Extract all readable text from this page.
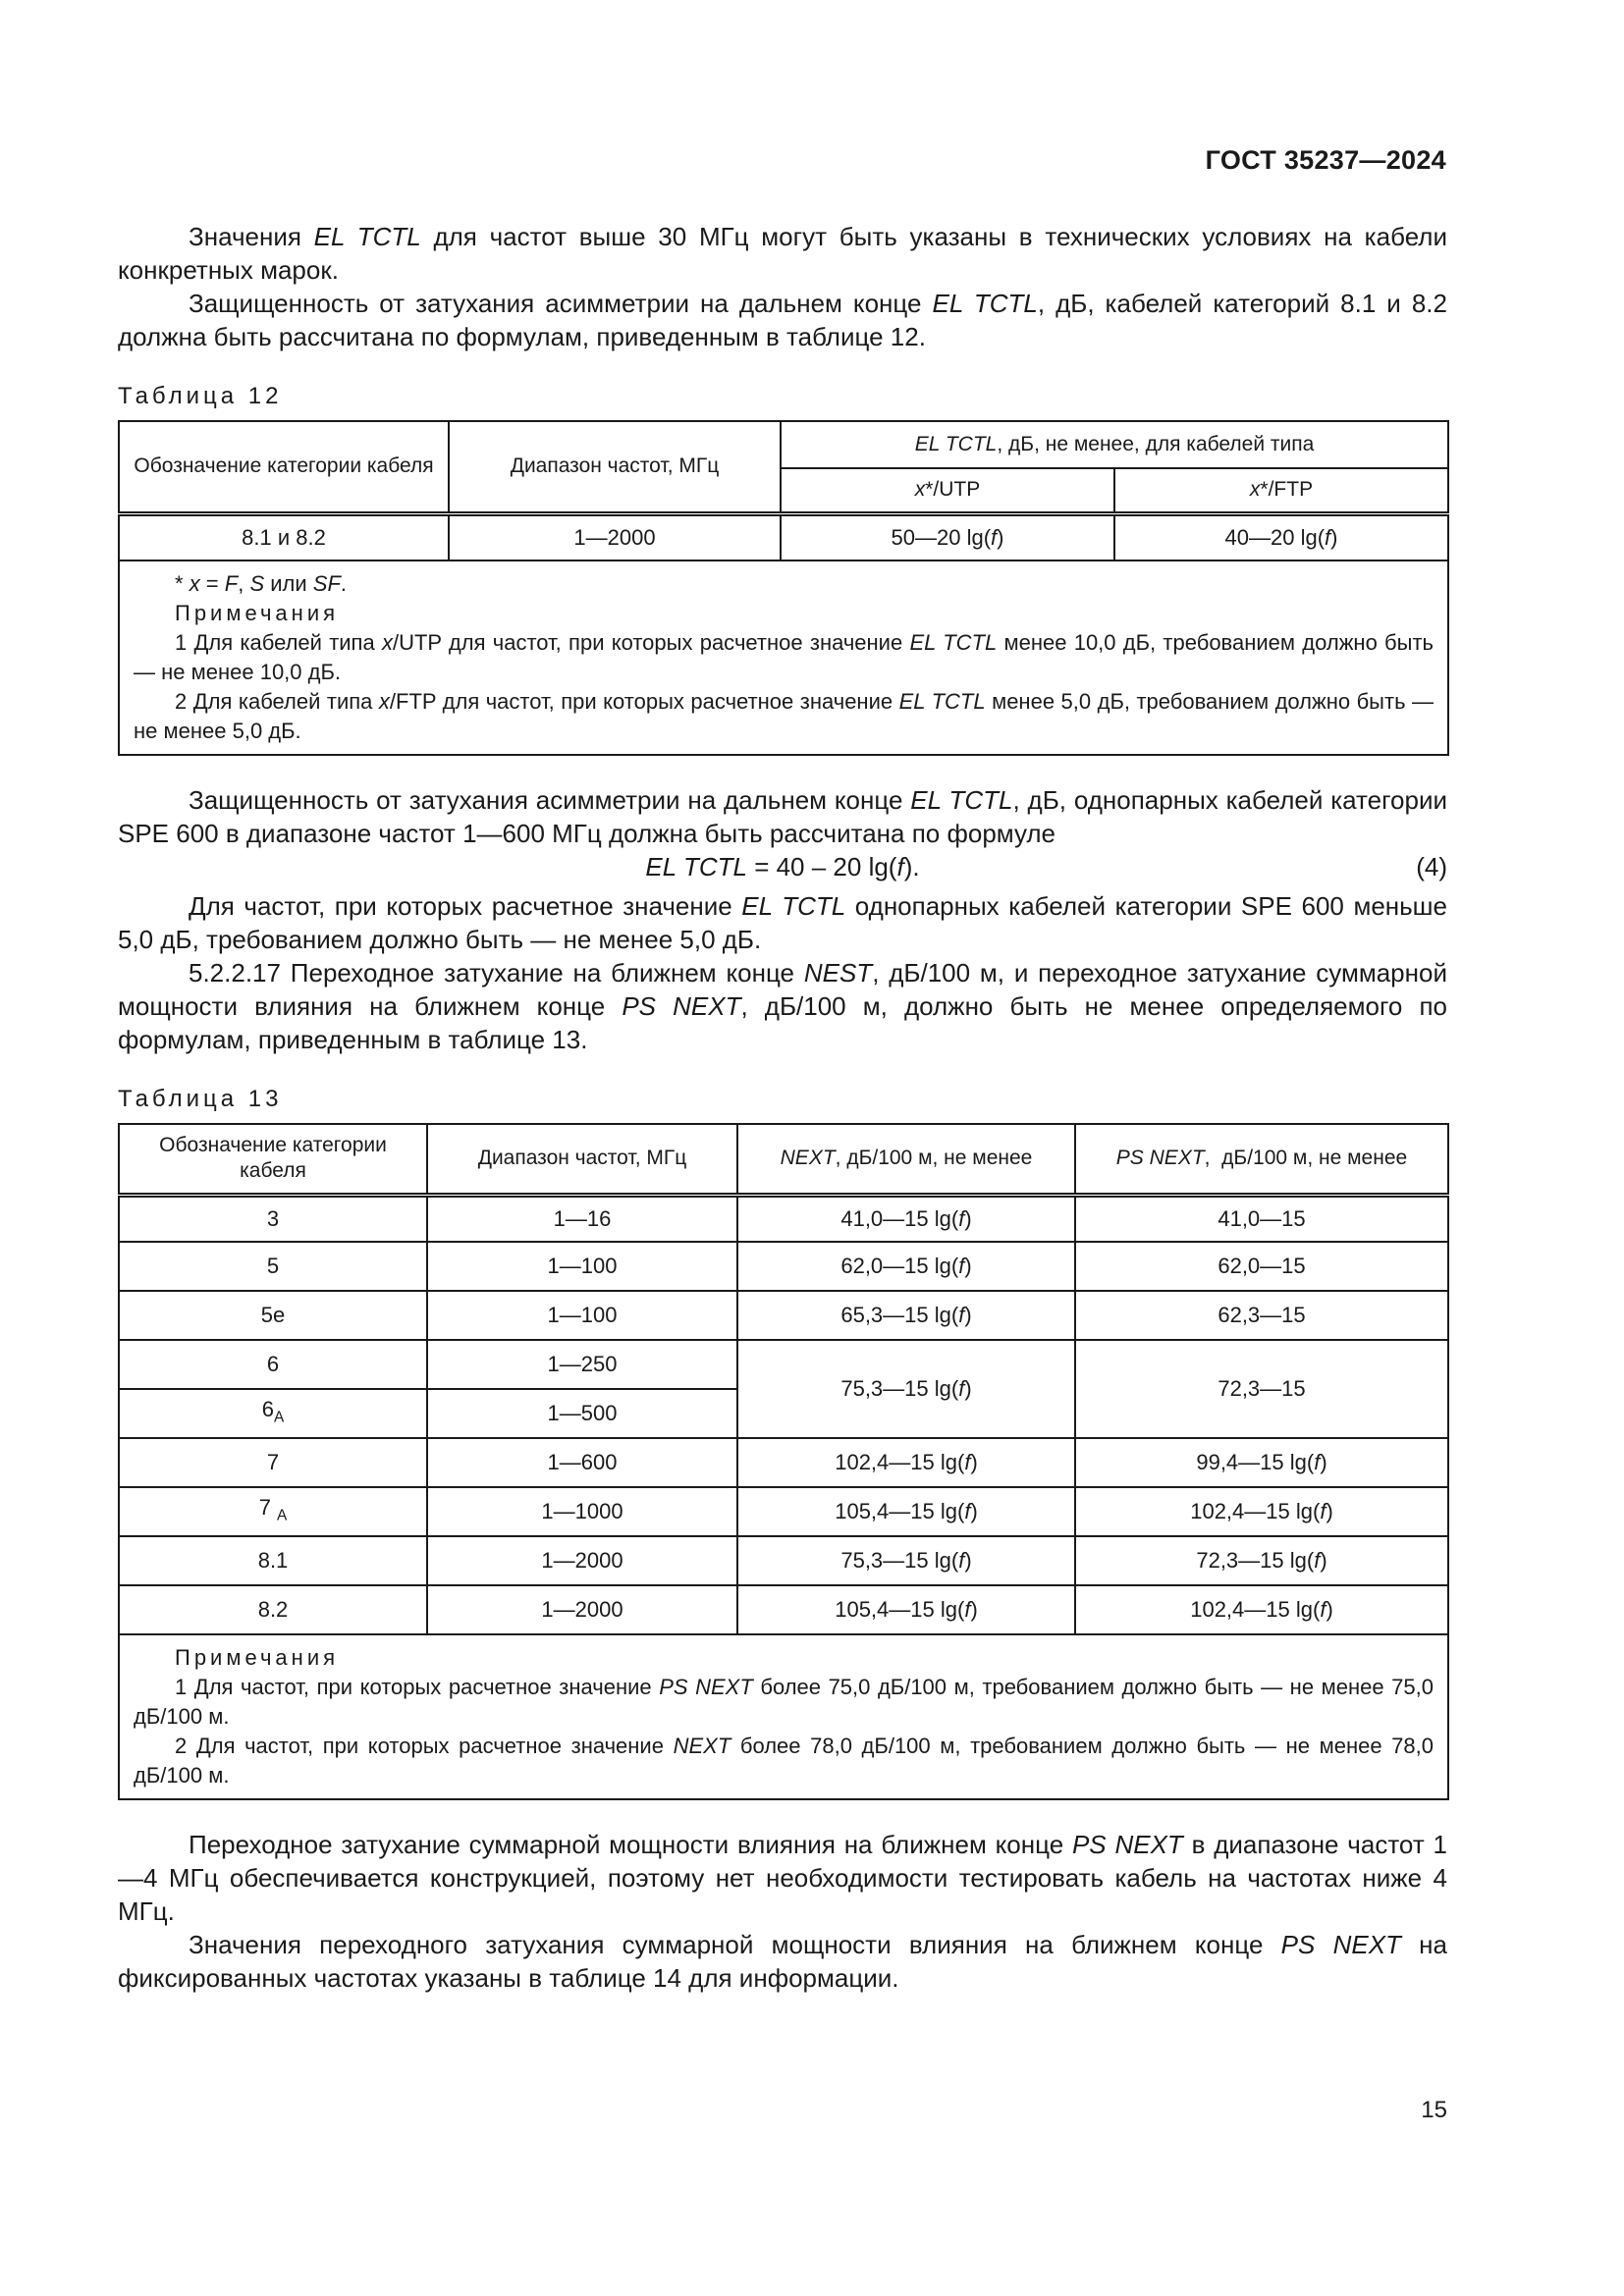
ГОСТ 35237—2024

Значения EL TCTL для частот выше 30 МГц могут быть указаны в технических условиях на кабели конкретных марок.

Защищенность от затухания асимметрии на дальнем конце EL TCTL, дБ, кабелей категорий 8.1 и 8.2 должна быть рассчитана по формулам, приведенным в таблице 12.

Таблица 12

Обозначение категории кабеля	Диапазон частот, МГц	EL TCTL, дБ, не менее, для кабелей типа	
		x*/UTP	x*/FTP
8.1 и 8.2	1—2000	50—20 lg(f)	40—20 lg(f)

* x = F, S или SF.
Примечания
1 Для кабелей типа x/UTP для частот, при которых расчетное значение EL TCTL менее 10,0 дБ, требованием должно быть — не менее 10,0 дБ.
2 Для кабелей типа x/FTP для частот, при которых расчетное значение EL TCTL менее 5,0 дБ, требованием должно быть — не менее 5,0 дБ.			

Защищенность от затухания асимметрии на дальнем конце EL TCTL, дБ, однопарных кабелей категории SPE 600 в диапазоне частот 1—600 МГц должна быть рассчитана по формуле

EL TCTL = 40 – 20 lg(f).	(4)

Для частот, при которых расчетное значение EL TCTL однопарных кабелей категории SPE 600 меньше 5,0 дБ, требованием должно быть — не менее 5,0 дБ.

5.2.2.17 Переходное затухание на ближнем конце NEST, дБ/100 м, и переходное затухание суммарной мощности влияния на ближнем конце PS NEXT, дБ/100 м, должно быть не менее определяемого по формулам, приведенным в таблице 13.

Таблица 13

Обозначение категории кабеля	Диапазон частот, МГц	NEXT, дБ/100 м, не менее	PS NEXT,  дБ/100 м, не менее
3	1—16	41,0—15 lg(f)	41,0—15
5	1—100	62,0—15 lg(f)	62,0—15
5e	1—100	65,3—15 lg(f)	62,3—15
6	1—250	75,3—15 lg(f)	72,3—15
$6_A$	1—500		
7	1—600	102,4—15 lg(f)	99,4—15 lg(f)
7 $_A$	1—1000	105,4—15 lg(f)	102,4—15 lg(f)
8.1	1—2000	75,3—15 lg(f)	72,3—15 lg(f)
8.2	1—2000	105,4—15 lg(f)	102,4—15 lg(f)

Примечания
1 Для частот, при которых расчетное значение PS NEXT более 75,0 дБ/100 м, требованием должно быть — не менее 75,0 дБ/100 м.
2 Для частот, при которых расчетное значение NEXT более 78,0 дБ/100 м, требованием должно быть — не менее 78,0 дБ/100 м.			

Переходное затухание суммарной мощности влияния на ближнем конце PS NEXT в диапазоне частот 1—4 МГц обеспечивается конструкцией, поэтому нет необходимости тестировать кабель на частотах ниже 4 МГц.

Значения переходного затухания суммарной мощности влияния на ближнем конце PS NEXT на фиксированных частотах указаны в таблице 14 для информации.

15
